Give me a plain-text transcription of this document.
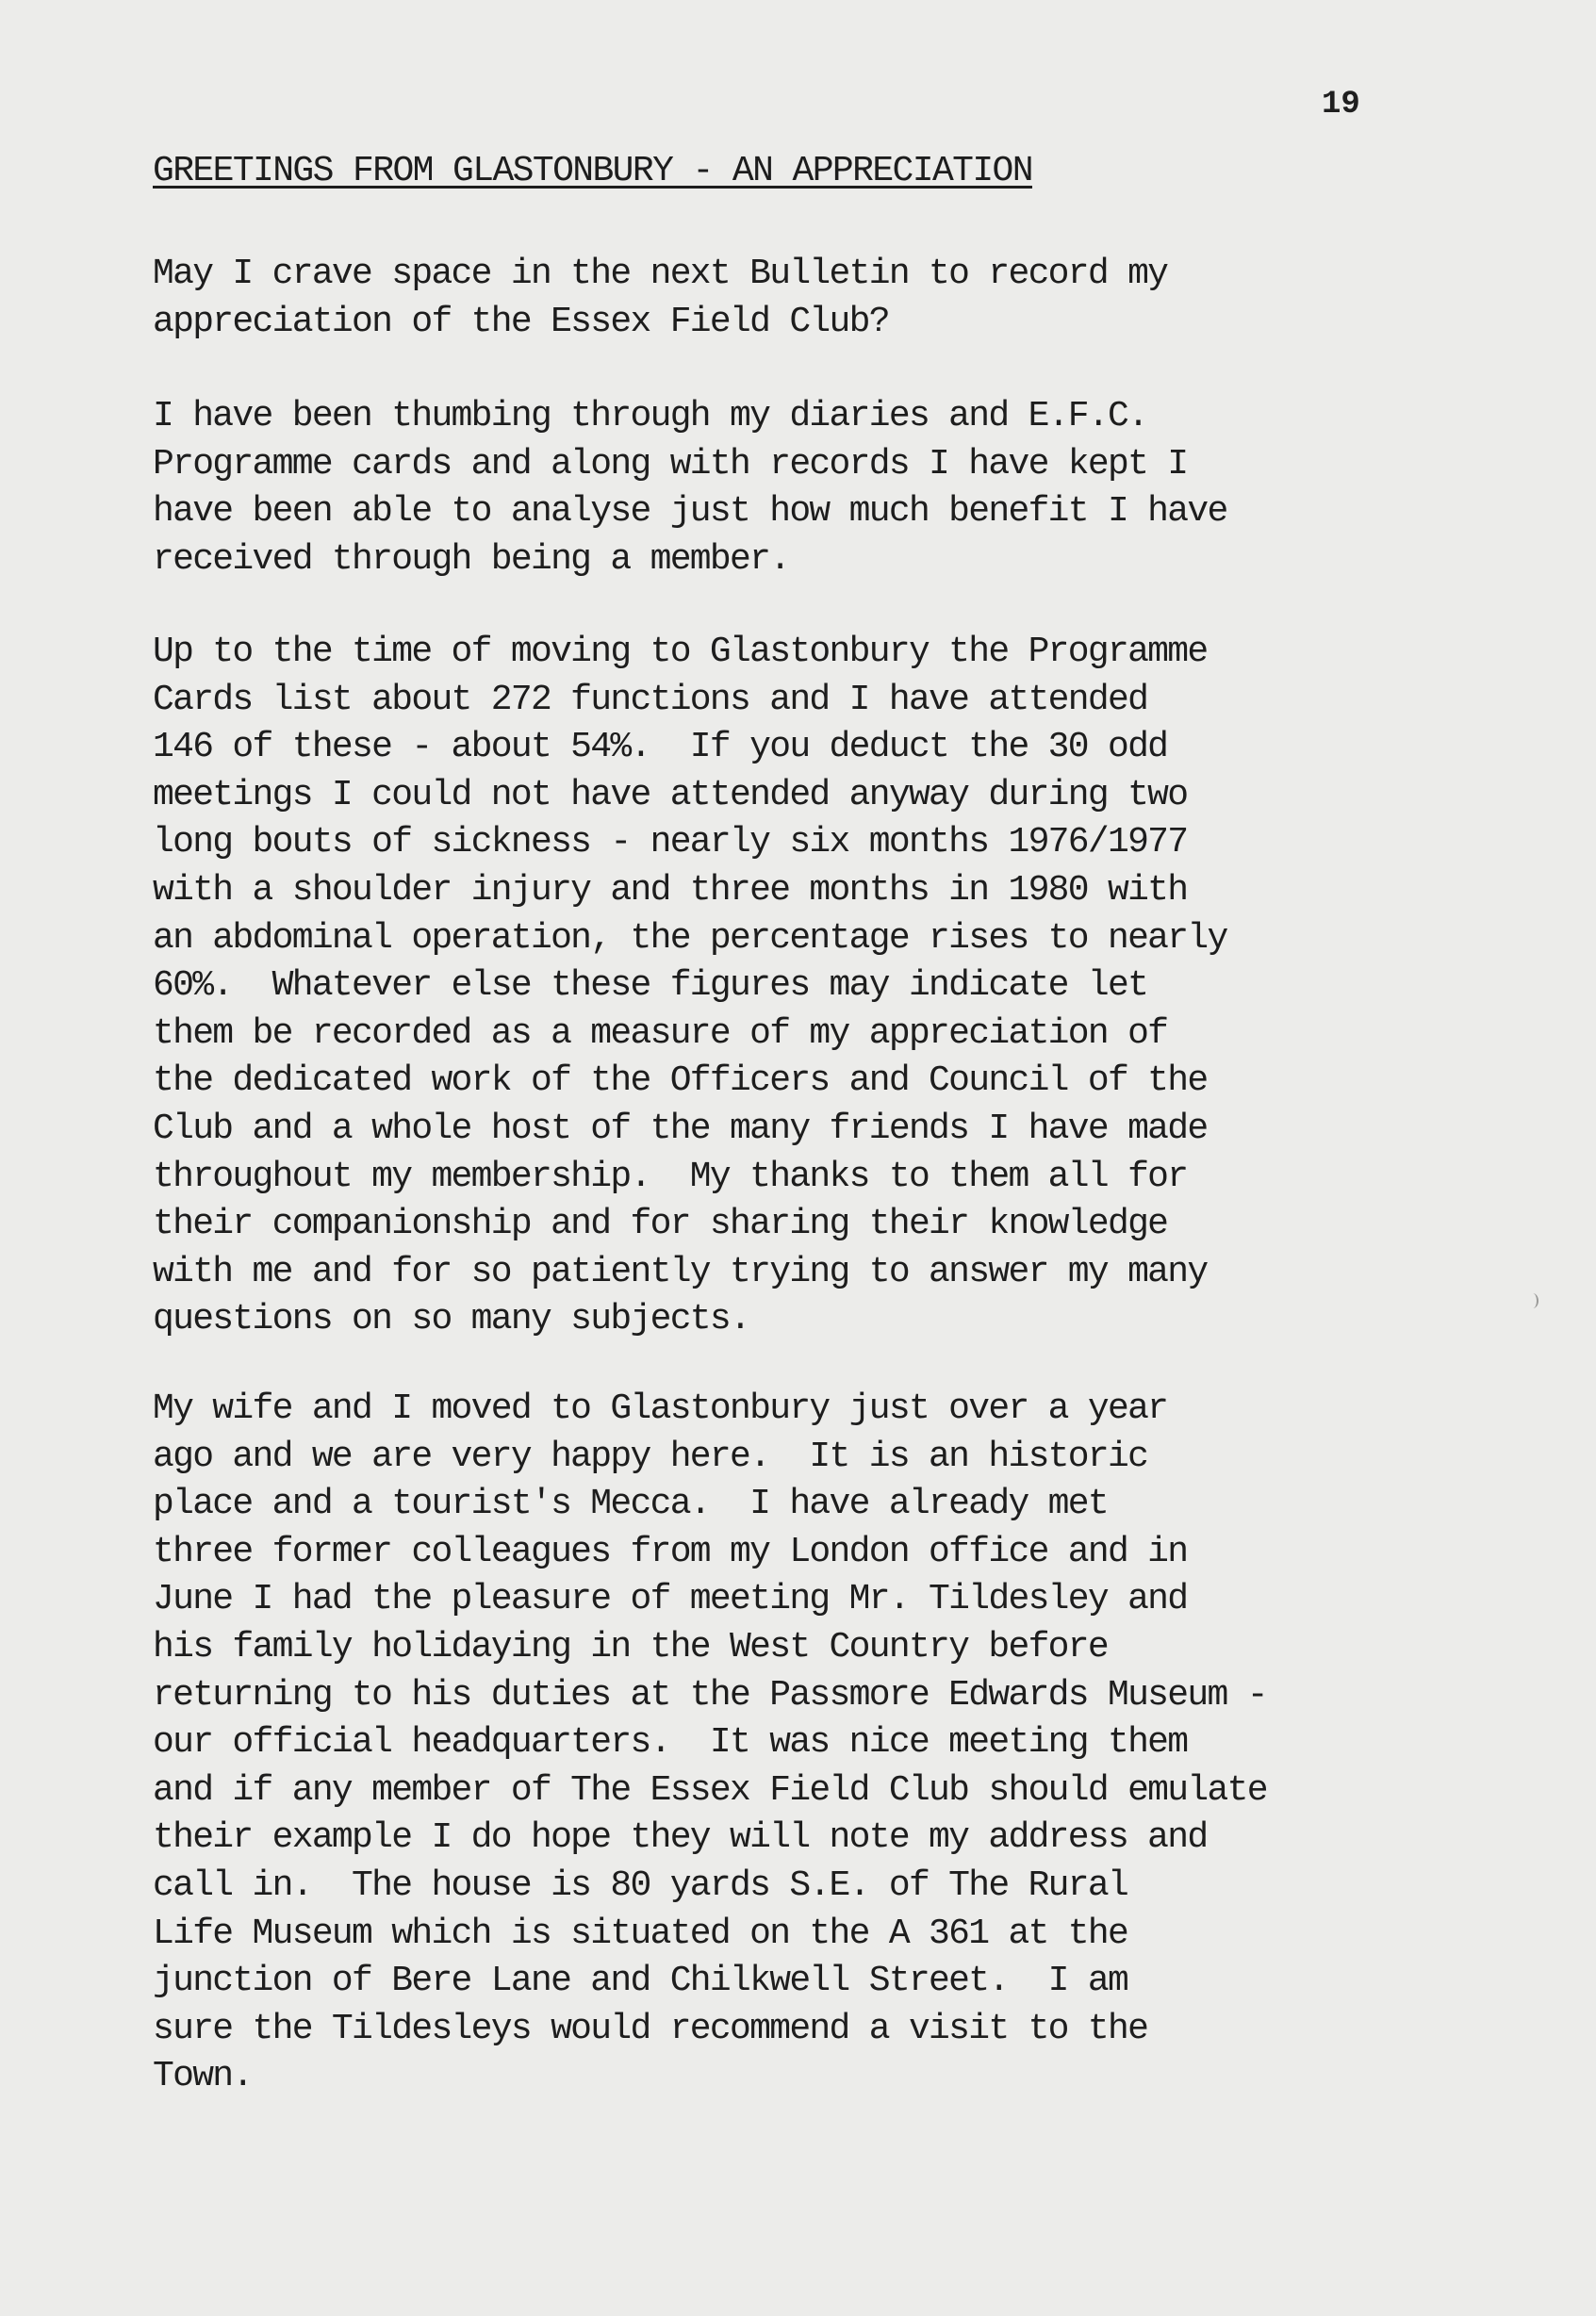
19
GREETINGS FROM GLASTONBURY - AN APPRECIATION
May I crave space in the next Bulletin to record my
appreciation of the Essex Field Club?
I have been thumbing through my diaries and E.F.C.
Programme cards and along with records I have kept I
have been able to analyse just how much benefit I have
received through being a member.
Up to the time of moving to Glastonbury the Programme
Cards list about 272 functions and I have attended
146 of these - about 54%.  If you deduct the 30 odd
meetings I could not have attended anyway during two
long bouts of sickness - nearly six months 1976/1977
with a shoulder injury and three months in 1980 with
an abdominal operation, the percentage rises to nearly
60%.  Whatever else these figures may indicate let
them be recorded as a measure of my appreciation of
the dedicated work of the Officers and Council of the
Club and a whole host of the many friends I have made
throughout my membership.  My thanks to them all for
their companionship and for sharing their knowledge
with me and for so patiently trying to answer my many
questions on so many subjects.
My wife and I moved to Glastonbury just over a year
ago and we are very happy here.  It is an historic
place and a tourist's Mecca.  I have already met
three former colleagues from my London office and in
June I had the pleasure of meeting Mr. Tildesley and
his family holidaying in the West Country before
returning to his duties at the Passmore Edwards Museum -
our official headquarters.  It was nice meeting them
and if any member of The Essex Field Club should emulate
their example I do hope they will note my address and
call in.  The house is 80 yards S.E. of The Rural
Life Museum which is situated on the A 361 at the
junction of Bere Lane and Chilkwell Street.  I am
sure the Tildesleys would recommend a visit to the
Town.
